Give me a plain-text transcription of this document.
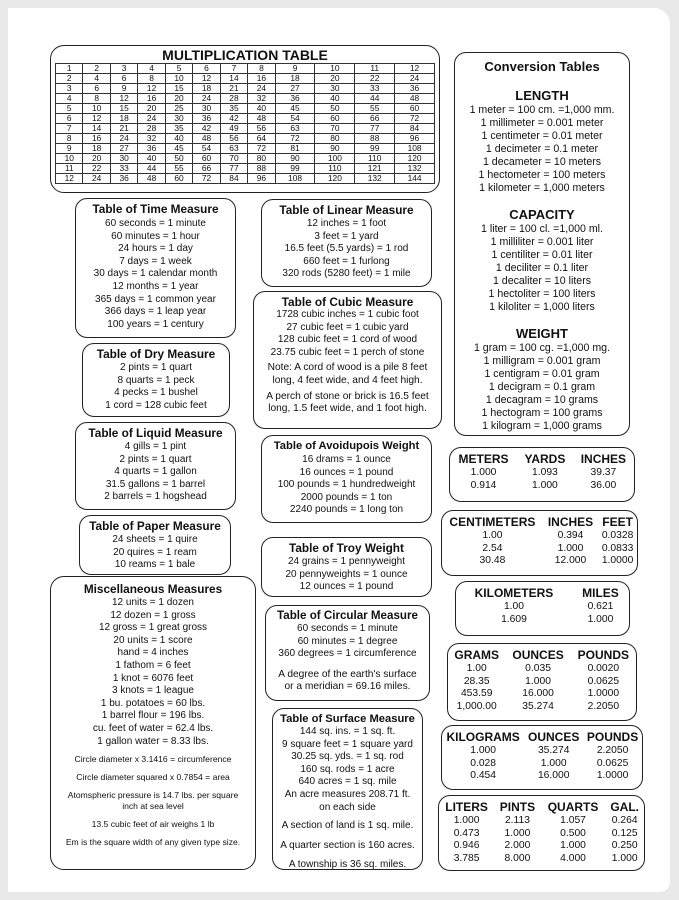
MULTIPLICATION TABLE
1	2	3	4	5	6	7	8	9	10	11	12
2	4	6	8	10	12	14	16	18	20	22	24
3	6	9	12	15	18	21	24	27	30	33	36
4	8	12	16	20	24	28	32	36	40	44	48
5	10	15	20	25	30	35	40	45	50	55	60
6	12	18	24	30	36	42	48	54	60	66	72
7	14	21	28	35	42	49	56	63	70	77	84
8	16	24	32	40	48	56	64	72	80	88	96
9	18	27	36	45	54	63	72	81	90	99	108
10	20	30	40	50	60	70	80	90	100	110	120
11	22	33	44	55	66	77	88	99	110	121	132
12	24	36	48	60	72	84	96	108	120	132	144
Table of Time Measure
60 seconds = 1 minute
60 minutes = 1 hour
24 hours = 1 day
7 days = 1 week
30 days = 1 calendar month
12 months = 1 year
365 days = 1 common year
366 days = 1 leap year
100 years = 1 century
Table of Dry Measure
2 pints = 1 quart
8 quarts = 1 peck
4 pecks = 1 bushel
1 cord = 128 cubic feet
Table of Liquid Measure
4 gills = 1 pint
2 pints = 1 quart
4 quarts = 1 gallon
31.5 gallons = 1 barrel
2 barrels = 1 hogshead
Table of Paper Measure
24 sheets = 1 quire
20 quires = 1 ream
10 reams = 1 bale
Miscellaneous Measures
12 units = 1 dozen
12 dozen = 1 gross
12 gross = 1 great gross
20 units = 1 score
hand = 4 inches
1 fathom = 6 feet
1 knot = 6076 feet
3 knots = 1 league
1 bu. potatoes = 60 lbs.
1 barrel flour = 196 lbs.
cu. feet of water = 62.4 lbs.
1 gallon water = 8.33 lbs.
Circle diameter x 3.1416 = circumference
Circle diameter squared x 0.7854 = area
Atomspheric pressure is 14.7 lbs. per square inch at sea level
13.5 cubic feet of air weighs 1 lb
Em is the square width of any given type size.
Table of Linear Measure
12 inches = 1 foot
3 feet = 1 yard
16.5 feet (5.5 yards) = 1 rod
660 feet = 1 furlong
320 rods (5280 feet) = 1 mile
Table of Cubic Measure
1728 cubic inches = 1 cubic foot
27 cubic feet = 1 cubic yard
128 cubic feet = 1 cord of wood
23.75 cubic feet = 1 perch of stone
Note: A cord of wood is a pile 8 feet long, 4 feet wide, and 4 feet high.
A perch of stone or brick is 16.5 feet long, 1.5 feet wide, and 1 foot high.
Table of Avoidupois Weight
16 drams = 1 ounce
16 ounces = 1 pound
100 pounds = 1 hundredweight
2000 pounds = 1 ton
2240 pounds = 1 long ton
Table of Troy Weight
24 grains = 1 pennyweight
20 pennyweights = 1 ounce
12 ounces = 1 pound
Table of Circular Measure
60 seconds = 1 minute
60 minutes = 1 degree
360 degrees = 1 circumference
A degree of the earth's surface or a meridian = 69.16 miles.
Table of Surface Measure
144 sq. ins. = 1 sq. ft.
9 square feet = 1 square yard
30.25 sq. yds. = 1 sq. rod
160 sq. rods = 1 acre
640 acres = 1 sq. mile
An acre measures 208.71 ft. on each side
A section of land is 1 sq. mile.
A quarter section is 160 acres.
A township is 36 sq. miles.
Conversion Tables
LENGTH
1 meter = 100 cm. =1,000 mm.
1 millimeter = 0.001 meter
1 centimeter = 0.01 meter
1 decimeter = 0.1 meter
1 decameter = 10 meters
1 hectometer = 100 meters
1 kilometer = 1,000 meters
CAPACITY
1 liter = 100 cl. =1,000 ml.
1 milliliter = 0.001 liter
1 centiliter = 0.01 liter
1 deciliter = 0.1 liter
1 decaliter = 10 liters
1 hectoliter = 100 liters
1 kiloliter = 1,000 liters
WEIGHT
1 gram = 100 cg. =1,000 mg.
1 milligram = 0.001 gram
1 centigram = 0.01 gram
1 decigram = 0.1 gram
1 decagram = 10 grams
1 hectogram = 100 grams
1 kilogram = 1,000 grams
METERS	YARDS	INCHES
1.000	1.093	39.37
0.914	1.000	36.00
CENTIMETERS	INCHES	FEET
1.00	0.394	0.0328
2.54	1.000	0.0833
30.48	12.000	1.0000
KILOMETERS	MILES
1.00	0.621
1.609	1.000
GRAMS	OUNCES	POUNDS
1.00	0.035	0.0020
28.35	1.000	0.0625
453.59	16.000	1.0000
1,000.00	35.274	2.2050
KILOGRAMS	OUNCES	POUNDS
1.000	35.274	2.2050
0.028	1.000	0.0625
0.454	16.000	1.0000
LITERS	PINTS	QUARTS	GAL.
1.000	2.113	1.057	0.264
0.473	1.000	0.500	0.125
0.946	2.000	1.000	0.250
3.785	8.000	4.000	1.000
